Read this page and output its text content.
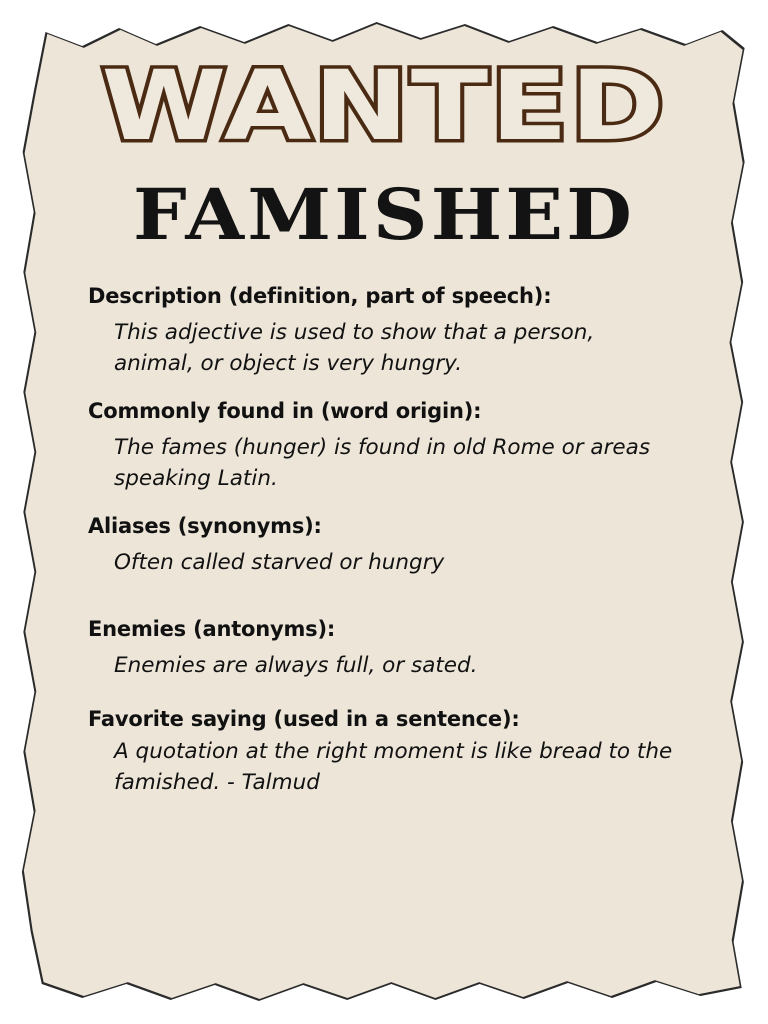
WANTED
FAMISHED
Description (definition, part of speech):
This adjective is used to show that a person, animal, or object is very hungry.
Commonly found in (word origin):
The fames (hunger) is found in old Rome or areas speaking Latin.
Aliases (synonyms):
Often called starved or hungry
Enemies (antonyms):
Enemies are always full, or sated.
Favorite saying (used in a sentence):
A quotation at the right moment is like bread to the famished. - Talmud
